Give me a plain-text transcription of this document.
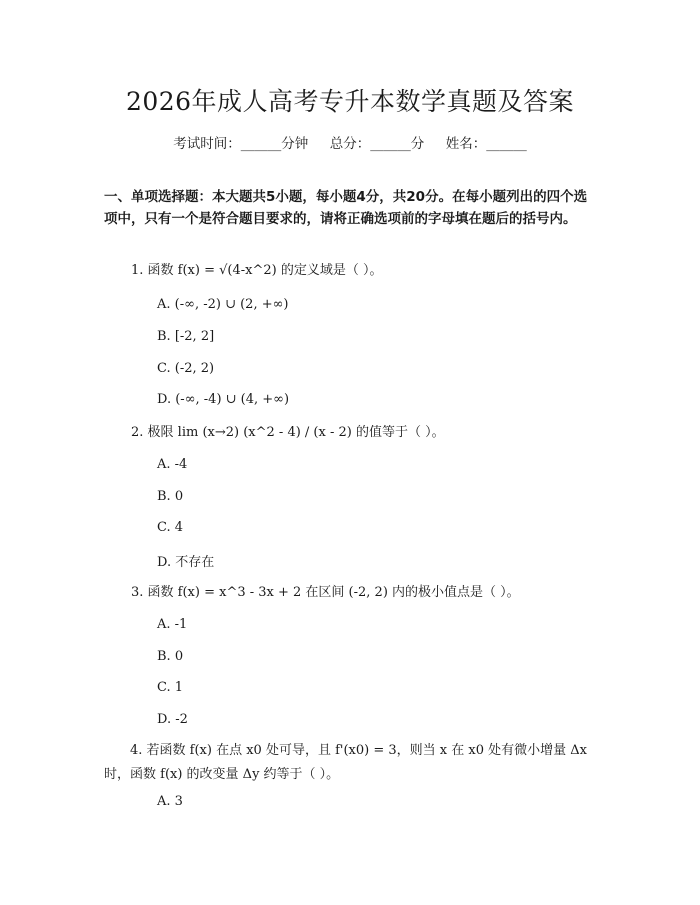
2026年成人高考专升本数学真题及答案
考试时间：______分钟     总分：______分     姓名：______
一、单项选择题：本大题共5小题，每小题4分，共20分。在每小题列出的四个选项中，只有一个是符合题目要求的，请将正确选项前的字母填在题后的括号内。
1. 函数 f(x) = √(4-x^2) 的定义域是（ ）。
A. (-∞, -2) ∪ (2, +∞)
B. [-2, 2]
C. (-2, 2)
D. (-∞, -4) ∪ (4, +∞)
2. 极限 lim (x→2) (x^2 - 4) / (x - 2) 的值等于（ ）。
A. -4
B. 0
C. 4
D. 不存在
3. 函数 f(x) = x^3 - 3x + 2 在区间 (-2, 2) 内的极小值点是（ ）。
A. -1
B. 0
C. 1
D. -2
4. 若函数 f(x) 在点 x0 处可导，且 f'(x0) = 3，则当 x 在 x0 处有微小增量 Δx 时，函数 f(x) 的改变量 Δy 约等于（ ）。
A. 3
